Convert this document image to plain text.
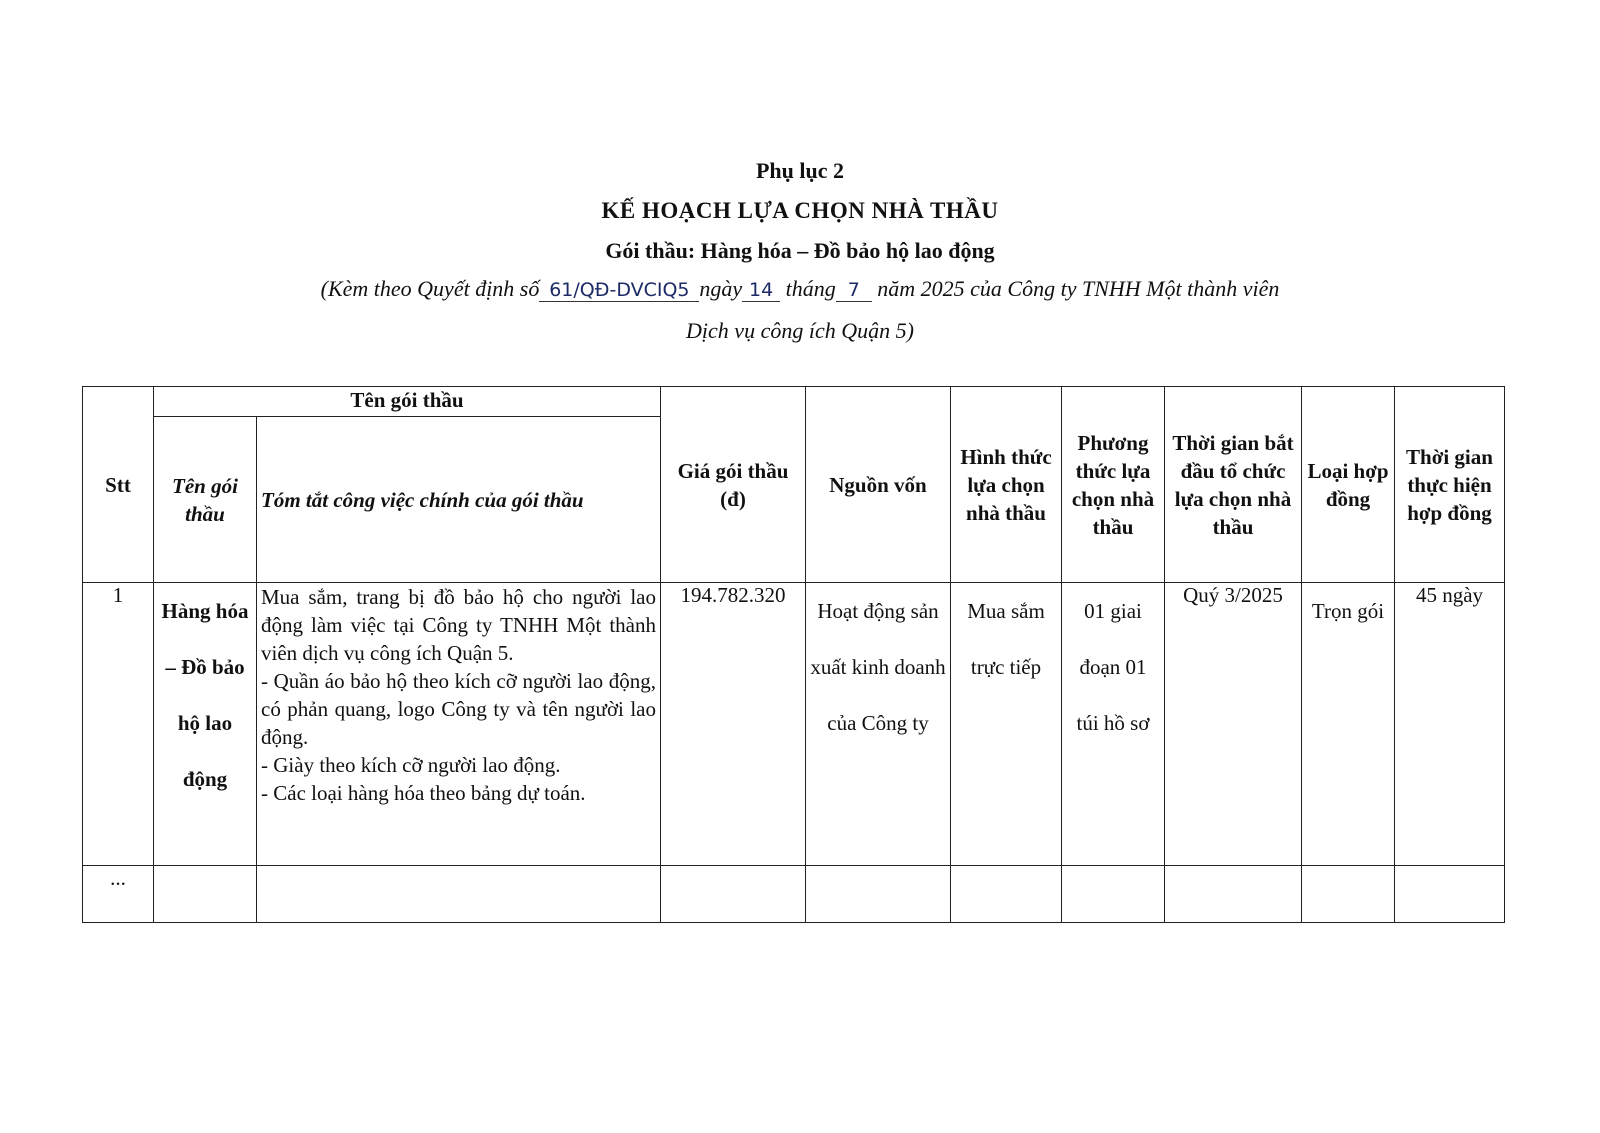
Phụ lục 2
KẾ HOẠCH LỰA CHỌN NHÀ THẦU
Gói thầu: Hàng hóa – Đồ bảo hộ lao động
(Kèm theo Quyết định số 61/QĐ-DVCIQ5 ngày 14 tháng 7 năm 2025 của Công ty TNHH Một thành viên
Dịch vụ công ích Quận 5)
Stt	Tên gói thầu		Giá gói thầu (đ)	Nguồn vốn	Hình thức lựa chọn nhà thầu	Phương thức lựa chọn nhà thầu	Thời gian bắt đầu tổ chức lựa chọn nhà thầu	Loại hợp đồng	Thời gian thực hiện hợp đồng
	Tên gói thầu	Tóm tắt công việc chính của gói thầu							
1	Hàng hóa – Đồ bảo hộ lao động	Mua sắm, trang bị đồ bảo hộ cho người lao động làm việc tại Công ty TNHH Một thành viên dịch vụ công ích Quận 5.
- Quần áo bảo hộ theo kích cỡ người lao động, có phản quang, logo Công ty và tên người lao động.
- Giày theo kích cỡ người lao động.
- Các loại hàng hóa theo bảng dự toán.	194.782.320	Hoạt động sản xuất kinh doanh của Công ty	Mua sắm trực tiếp	01 giai đoạn 01 túi hồ sơ	Quý 3/2025	Trọn gói	45 ngày
...									
